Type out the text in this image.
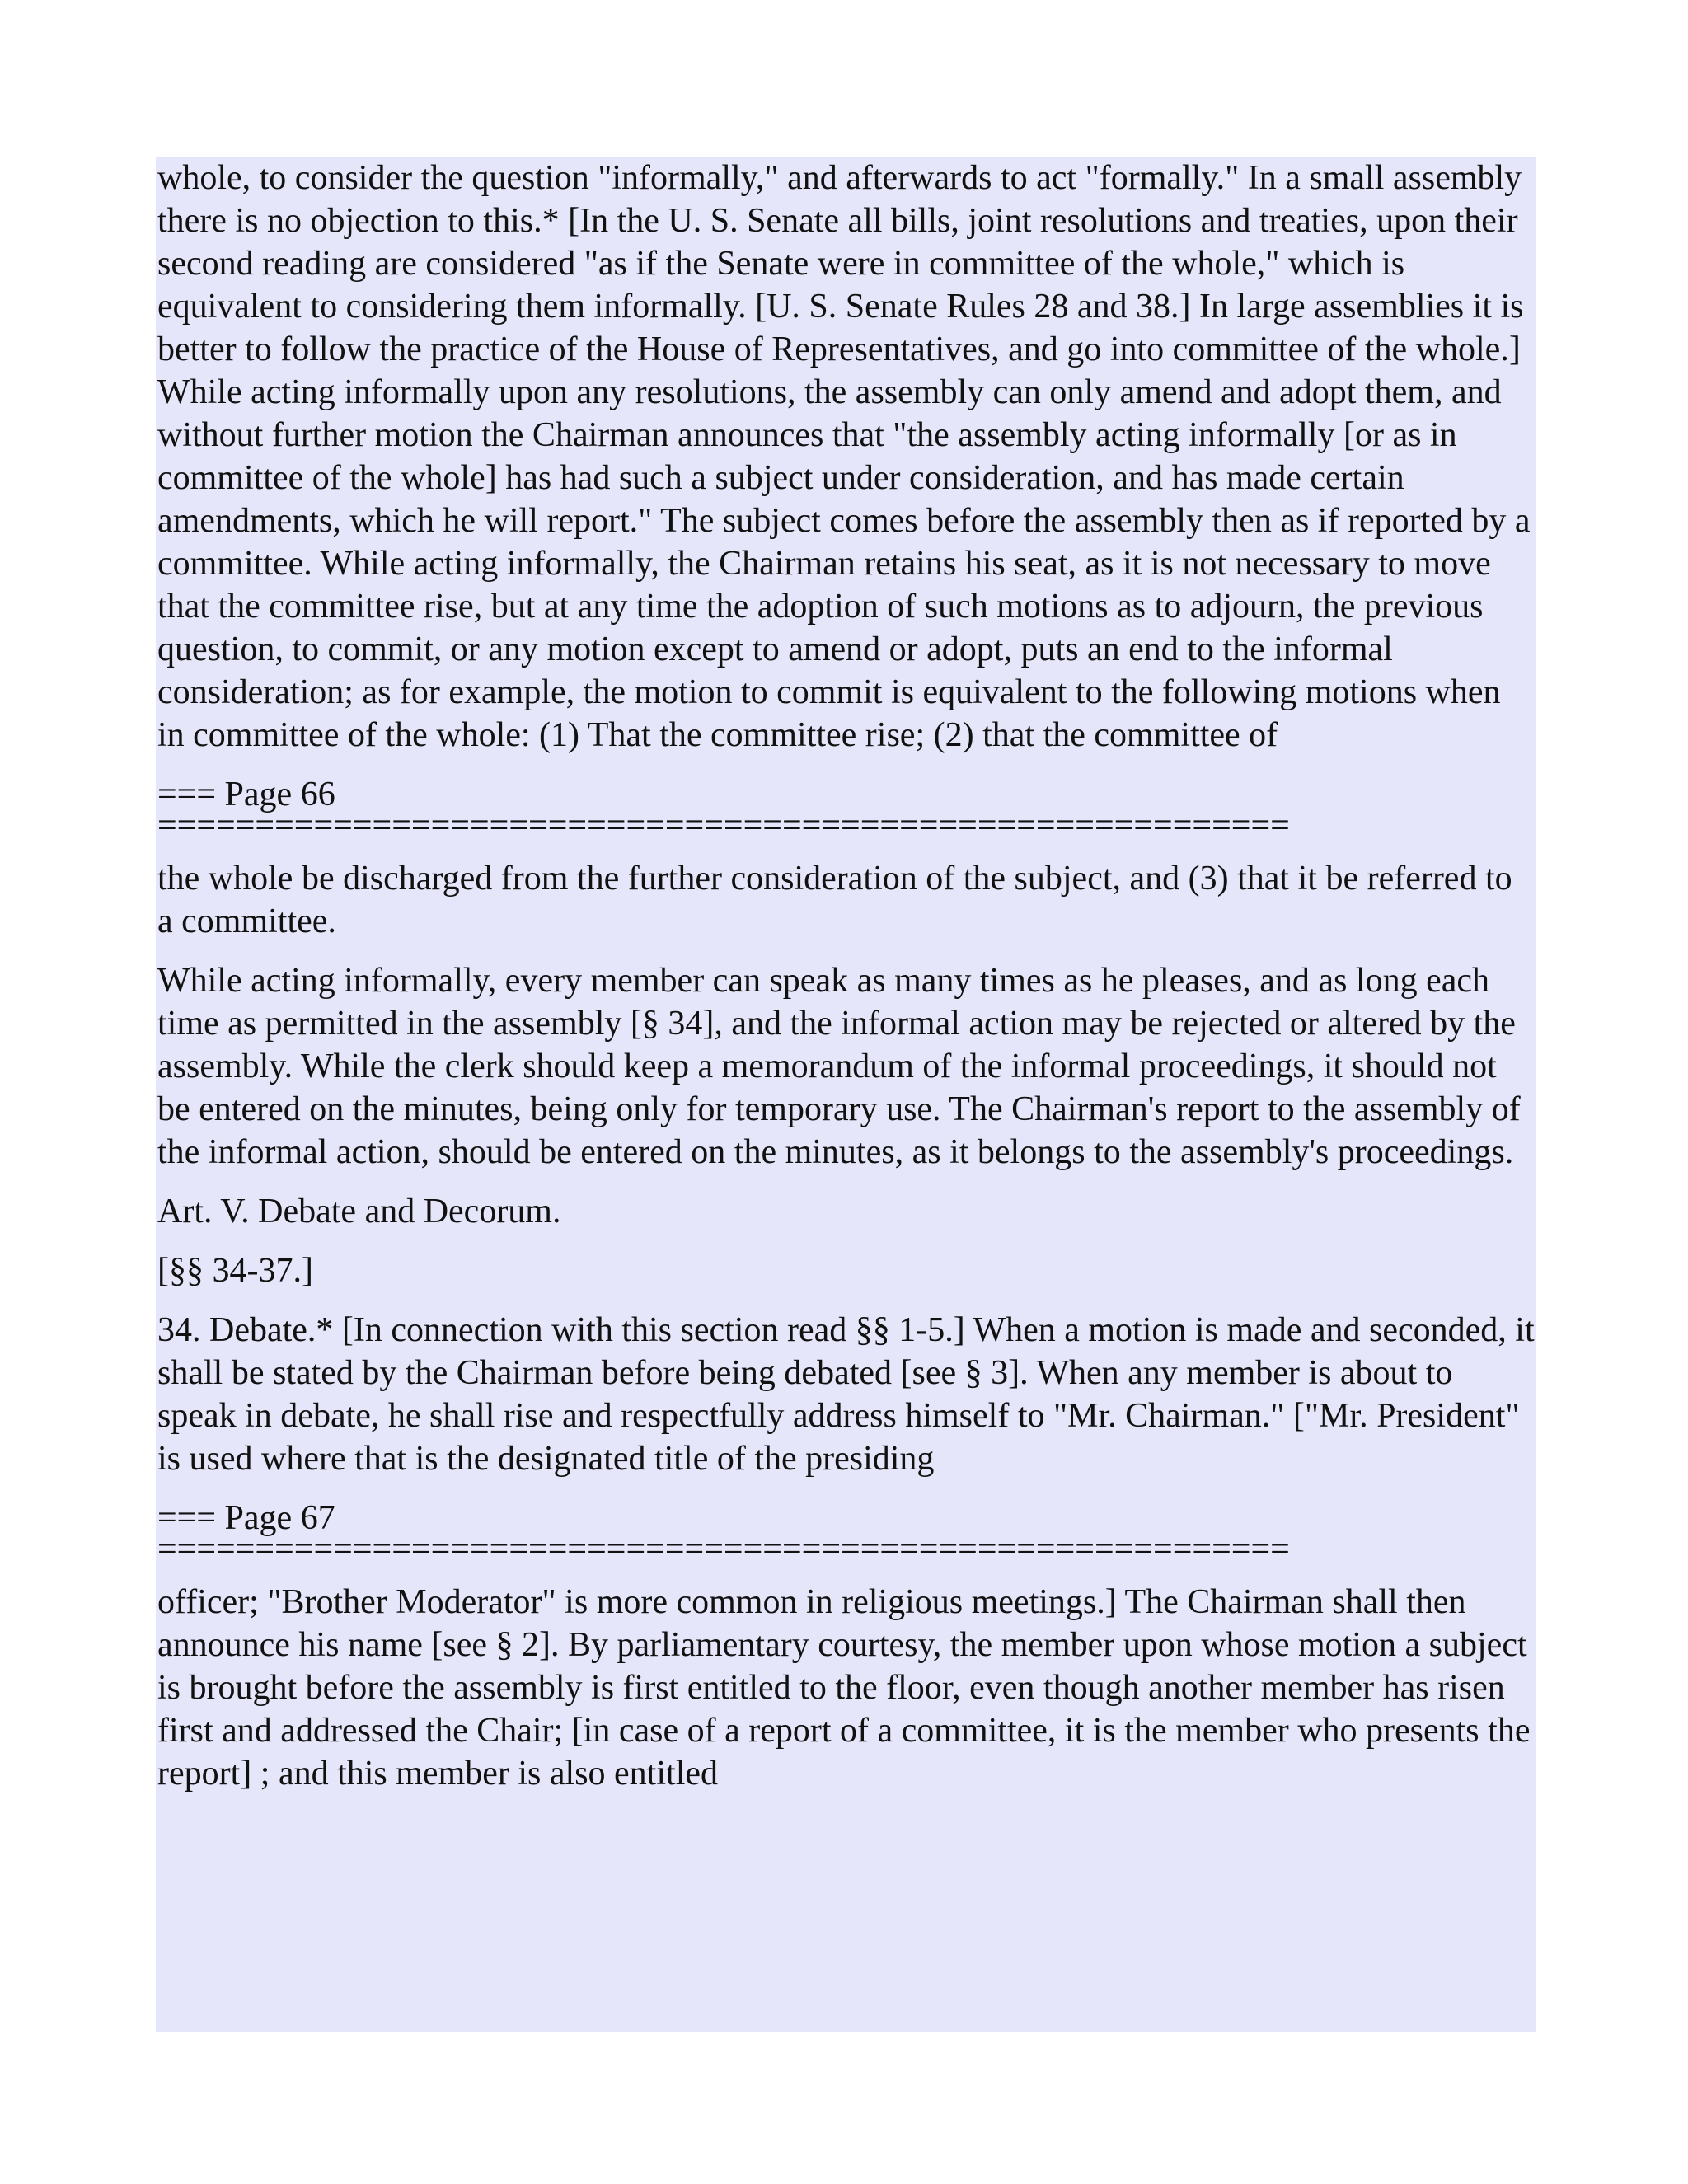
whole, to consider the question "informally," and afterwards to act "formally." In a small assembly there is no objection to this.* [In the U. S. Senate all bills, joint resolutions and treaties, upon their second reading are considered "as if the Senate were in committee of the whole," which is equivalent to considering them informally. [U. S. Senate Rules 28 and 38.] In large assemblies it is better to follow the practice of the House of Representatives, and go into committee of the whole.] While acting informally upon any resolutions, the assembly can only amend and adopt them, and without further motion the Chairman announces that "the assembly acting informally [or as in committee of the whole] has had such a subject under consideration, and has made certain amendments, which he will report." The subject comes before the assembly then as if reported by a committee. While acting informally, the Chairman retains his seat, as it is not necessary to move that the committee rise, but at any time the adoption of such motions as to adjourn, the previous question, to commit, or any motion except to amend or adopt, puts an end to the informal consideration; as for example, the motion to commit is equivalent to the following motions when in committee of the whole: (1) That the committee rise; (2) that the committee of

=== Page 66
==========================================================

the whole be discharged from the further consideration of the subject, and (3) that it be referred to a committee.

While acting informally, every member can speak as many times as he pleases, and as long each time as permitted in the assembly [§ 34], and the informal action may be rejected or altered by the assembly. While the clerk should keep a memorandum of the informal proceedings, it should not be entered on the minutes, being only for temporary use. The Chairman's report to the assembly of the informal action, should be entered on the minutes, as it belongs to the assembly's proceedings.

Art. V. Debate and Decorum.

[§§ 34-37.]

34. Debate.* [In connection with this section read §§ 1-5.] When a motion is made and seconded, it shall be stated by the Chairman before being debated [see § 3]. When any member is about to speak in debate, he shall rise and respectfully address himself to "Mr. Chairman." ["Mr. President" is used where that is the designated title of the presiding

=== Page 67
==========================================================

officer; "Brother Moderator" is more common in religious meetings.] The Chairman shall then announce his name [see § 2]. By parliamentary courtesy, the member upon whose motion a subject is brought before the assembly is first entitled to the floor, even though another member has risen first and addressed the Chair; [in case of a report of a committee, it is the member who presents the report] ; and this member is also entitled
